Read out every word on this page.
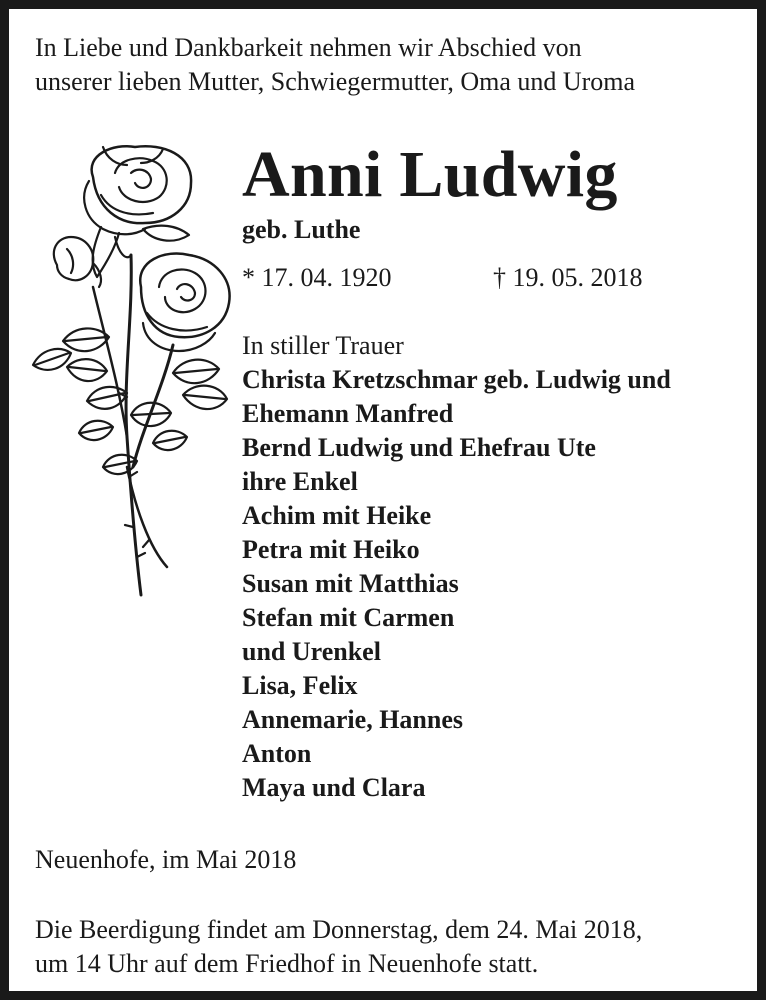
In Liebe und Dankbarkeit nehmen wir Abschied von
unserer lieben Mutter, Schwiegermutter, Oma und Uroma

Anni Ludwig
geb. Luthe
* 17. 04. 1920	† 19. 05. 2018
In stiller Trauer
Christa Kretzschmar geb. Ludwig und
Ehemann Manfred
Bernd Ludwig und Ehefrau Ute
ihre Enkel
Achim mit Heike
Petra mit Heiko
Susan mit Matthias
Stefan mit Carmen
und Urenkel
Lisa, Felix
Annemarie, Hannes
Anton
Maya und Clara
Neuenhofe, im Mai 2018

Die Beerdigung findet am Donnerstag, dem 24. Mai 2018,
um 14 Uhr auf dem Friedhof in Neuenhofe statt.
